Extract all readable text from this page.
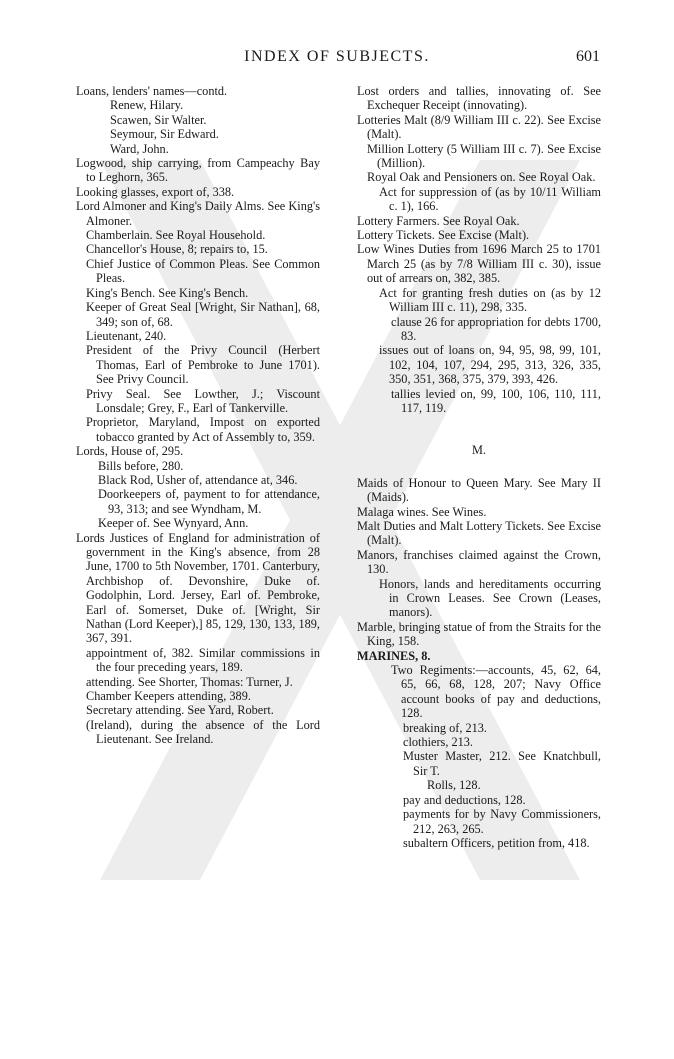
INDEX OF SUBJECTS.	601
Loans, lenders' names—contd.
Renew, Hilary.
Scawen, Sir Walter.
Seymour, Sir Edward.
Ward, John.
Logwood, ship carrying, from Campeachy Bay to Leghorn, 365.
Looking glasses, export of, 338.
Lord Almoner and King's Daily Alms. See King's Almoner.
Chamberlain. See Royal Household.
Chancellor's House, 8; repairs to, 15.
Chief Justice of Common Pleas. See Common Pleas.
King's Bench. See King's Bench.
Keeper of Great Seal [Wright, Sir Nathan], 68, 349; son of, 68.
Lieutenant, 240.
President of the Privy Council (Herbert Thomas, Earl of Pembroke to June 1701). See Privy Council.
Privy Seal. See Lowther, J.; Viscount Lonsdale; Grey, F., Earl of Tankerville.
Proprietor, Maryland, Impost on exported tobacco granted by Act of Assembly to, 359.
Lords, House of, 295.
Bills before, 280.
Black Rod, Usher of, attendance at, 346.
Doorkeepers of, payment to for attendance, 93, 313; and see Wyndham, M.
Keeper of. See Wynyard, Ann.
Lords Justices of England for administration of government in the King's absence, from 28 June, 1700 to 5th November, 1701. Canterbury, Archbishop of. Devonshire, Duke of. Godolphin, Lord. Jersey, Earl of. Pembroke, Earl of. Somerset, Duke of. [Wright, Sir Nathan (Lord Keeper),] 85, 129, 130, 133, 189, 367, 391.
appointment of, 382. Similar commissions in the four preceding years, 189.
attending. See Shorter, Thomas: Turner, J.
Chamber Keepers attending, 389.
Secretary attending. See Yard, Robert.
(Ireland), during the absence of the Lord Lieutenant. See Ireland.
Lost orders and tallies, innovating of. See Exchequer Receipt (innovating).
Lotteries Malt (8/9 William III c. 22). See Excise (Malt).
Million Lottery (5 William III c. 7). See Excise (Million).
Royal Oak and Pensioners on. See Royal Oak.
Act for suppression of (as by 10/11 William c. 1), 166.
Lottery Farmers. See Royal Oak.
Lottery Tickets. See Excise (Malt).
Low Wines Duties from 1696 March 25 to 1701 March 25 (as by 7/8 William III c. 30), issue out of arrears on, 382, 385.
Act for granting fresh duties on (as by 12 William III c. 11), 298, 335.
clause 26 for appropriation for debts 1700, 83.
issues out of loans on, 94, 95, 98, 99, 101, 102, 104, 107, 294, 295, 313, 326, 335, 350, 351, 368, 375, 379, 393, 426.
tallies levied on, 99, 100, 106, 110, 111, 117, 119.
M.
Maids of Honour to Queen Mary. See Mary II (Maids).
Malaga wines. See Wines.
Malt Duties and Malt Lottery Tickets. See Excise (Malt).
Manors, franchises claimed against the Crown, 130.
Honors, lands and hereditaments occurring in Crown Leases. See Crown (Leases, manors).
Marble, bringing statue of from the Straits for the King, 158.
MARINES, 8.
Two Regiments:—accounts, 45, 62, 64, 65, 66, 68, 128, 207; Navy Office account books of pay and deductions, 128.
breaking of, 213.
clothiers, 213.
Muster Master, 212. See Knatchbull, Sir T.
Rolls, 128.
pay and deductions, 128.
payments for by Navy Commissioners, 212, 263, 265.
subaltern Officers, petition from, 418.
